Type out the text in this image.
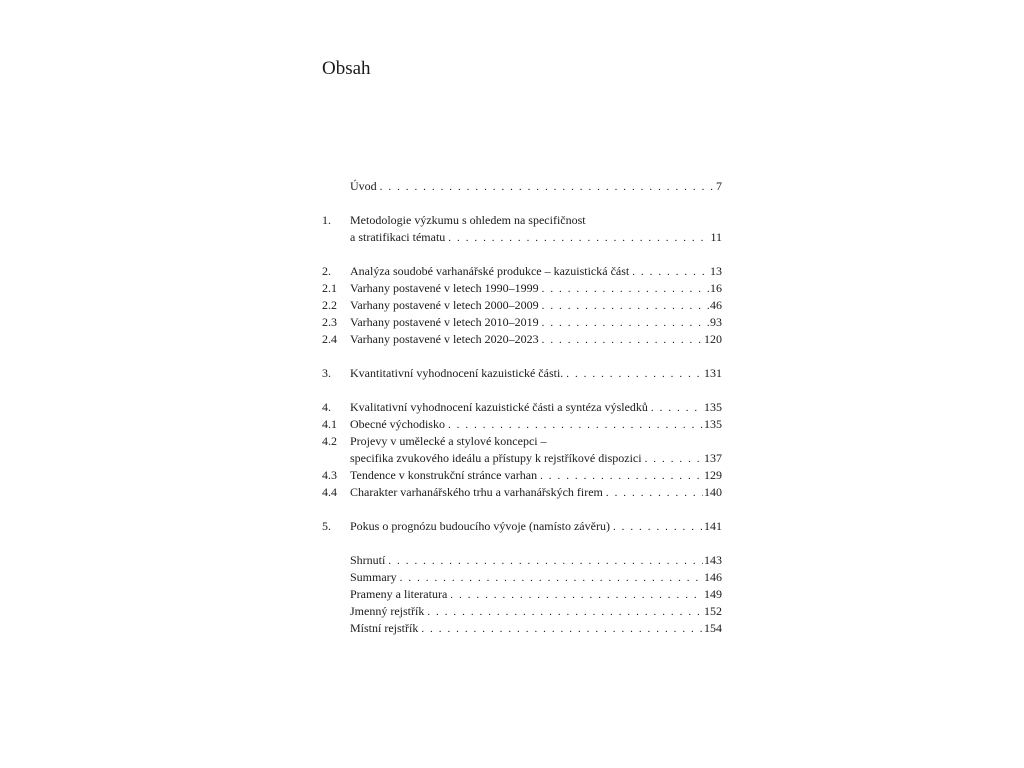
Obsah
Úvod . . .	7
1.	Metodologie výzkumu s ohledem na specifičnost
a stratifikaci tématu . . .	11
2.	Analýza soudobé varhanářské produkce – kazuistická část . . .	13
2.1	Varhany postavené v letech 1990–1999 . . .	16
2.2	Varhany postavené v letech 2000–2009 . . .	46
2.3	Varhany postavené v letech 2010–2019 . . .	93
2.4	Varhany postavené v letech 2020–2023 . . .	120
3.	Kvantitativní vyhodnocení kazuistické části. . . .	131
4.	Kvalitativní vyhodnocení kazuistické části a syntéza výsledků . . .	135
4.1	Obecné východisko . . .	135
4.2	Projevy v umělecké a stylové koncepci –
specifika zvukového ideálu a přístupy k rejstříkové dispozici . . .	137
4.3	Tendence v konstrukční stránce varhan . . .	129
4.4	Charakter varhanářského trhu a varhanářských firem . . .	140
5.	Pokus o prognózu budoucího vývoje (namísto závěru) . . .	141
Shrnutí . . .	143
Summary . . .	146
Prameny a literatura . . .	149
Jmenný rejstřík . . .	152
Místní rejstřík . . .	154
